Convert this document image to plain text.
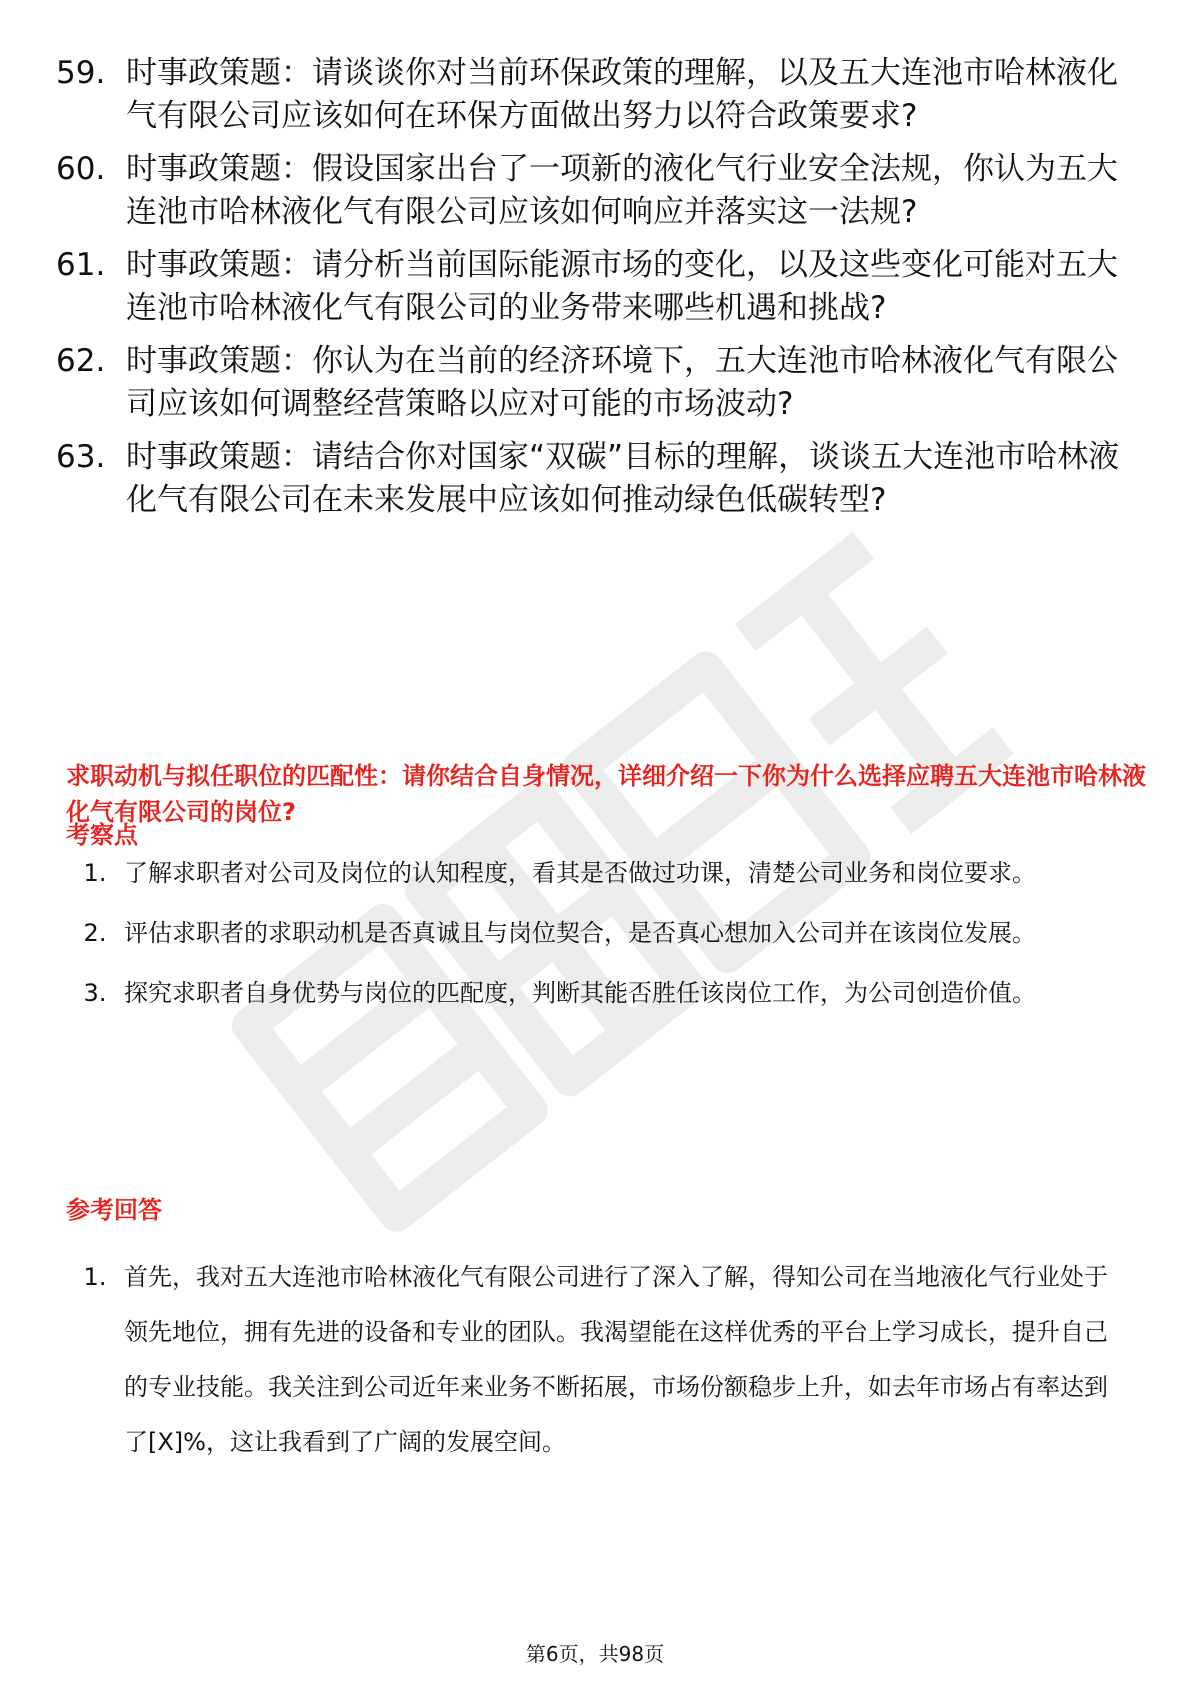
59. 时事政策题：请谈谈你对当前环保政策的理解，以及五大连池市哈林液化气有限公司应该如何在环保方面做出努力以符合政策要求?
60. 时事政策题：假设国家出台了一项新的液化气行业安全法规，你认为五大连池市哈林液化气有限公司应该如何响应并落实这一法规?
61. 时事政策题：请分析当前国际能源市场的变化，以及这些变化可能对五大连池市哈林液化气有限公司的业务带来哪些机遇和挑战?
62. 时事政策题：你认为在当前的经济环境下，五大连池市哈林液化气有限公司应该如何调整经营策略以应对可能的市场波动?
63. 时事政策题：请结合你对国家“双碳”目标的理解，谈谈五大连池市哈林液化气有限公司在未来发展中应该如何推动绿色低碳转型?
求职动机与拟任职位的匹配性：请你结合自身情况，详细介绍一下你为什么选择应聘五大连池市哈林液化气有限公司的岗位?
考察点
1. 了解求职者对公司及岗位的认知程度，看其是否做过功课，清楚公司业务和岗位要求。
2. 评估求职者的求职动机是否真诚且与岗位契合，是否真心想加入公司并在该岗位发展。
3. 探究求职者自身优势与岗位的匹配度，判断其能否胜任该岗位工作，为公司创造价值。
参考回答
1. 首先，我对五大连池市哈林液化气有限公司进行了深入了解，得知公司在当地液化气行业处于领先地位，拥有先进的设备和专业的团队。我渴望能在这样优秀的平台上学习成长，提升自己的专业技能。我关注到公司近年来业务不断拓展，市场份额稳步上升，如去年市场占有率达到了[X]%，这让我看到了广阔的发展空间。
第6页，共98页
